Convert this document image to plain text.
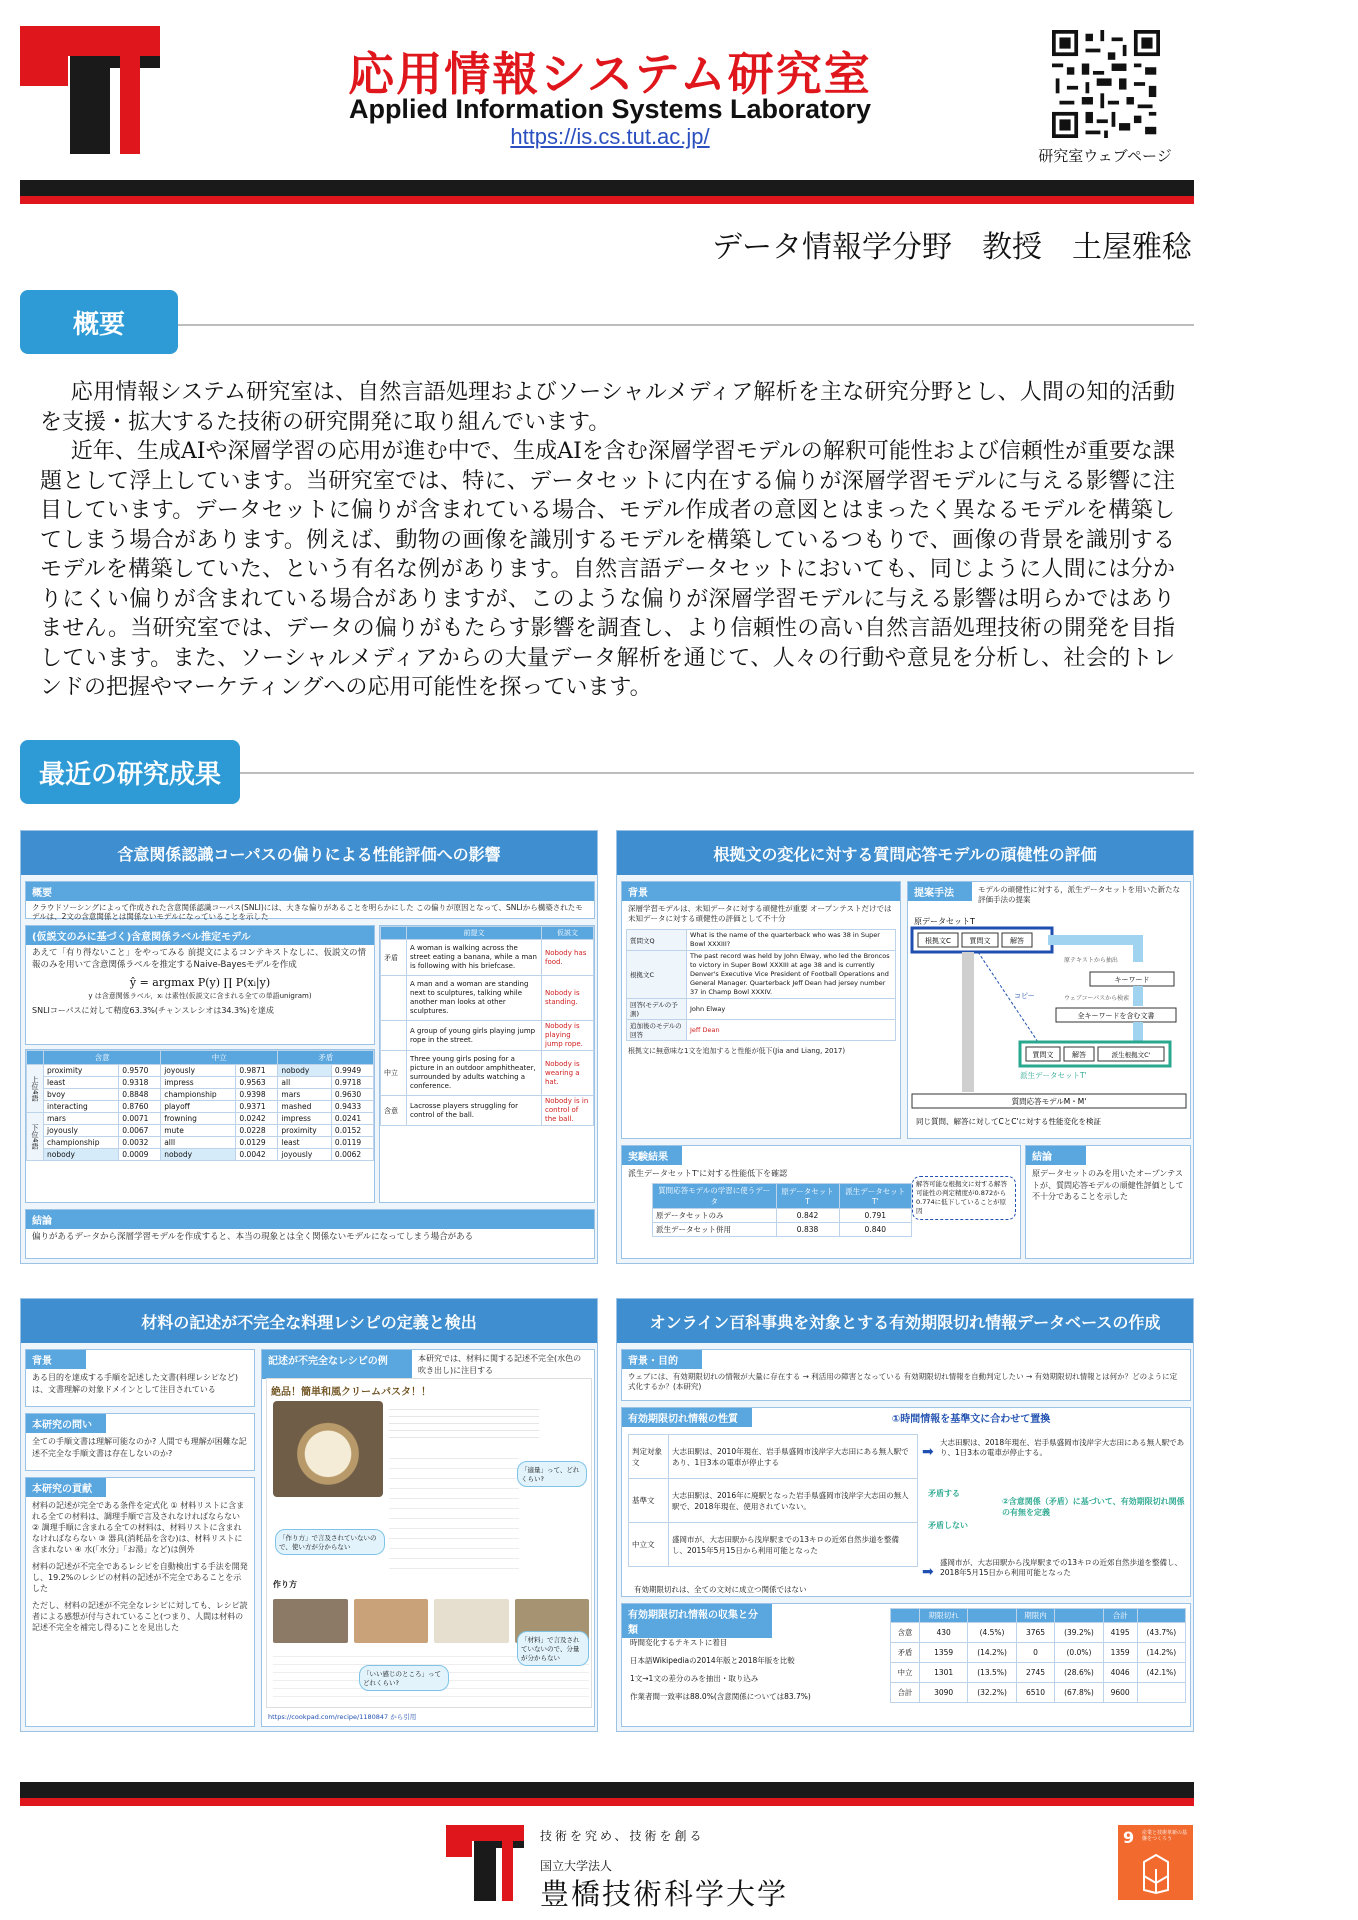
応用情報システム研究室
Applied Information Systems Laboratory
https://is.cs.tut.ac.jp/
研究室ウェブページ
データ情報学分野　教授　土屋雅稔
概要

応用情報システム研究室は、自然言語処理およびソーシャルメディア解析を主な研究分野とし、人間の知的活動を支援・拡大するた技術の研究開発に取り組んでいます。

近年、生成AIや深層学習の応用が進む中で、生成AIを含む深層学習モデルの解釈可能性および信頼性が重要な課題として浮上しています。当研究室では、特に、データセットに内在する偏りが深層学習モデルに与える影響に注目しています。データセットに偏りが含まれている場合、モデル作成者の意図とはまったく異なるモデルを構築してしまう場合があります。例えば、動物の画像を識別するモデルを構築しているつもりで、画像の背景を識別するモデルを構築していた、という有名な例があります。自然言語データセットにおいても、同じように人間には分かりにくい偏りが含まれている場合がありますが、このような偏りが深層学習モデルに与える影響は明らかではありません。当研究室では、データの偏りがもたらす影響を調査し、より信頼性の高い自然言語処理技術の開発を目指しています。また、ソーシャルメディアからの大量データ解析を通じて、人々の行動や意見を分析し、社会的トレンドの把握やマーケティングへの応用可能性を探っています。

最近の研究成果
含意関係認識コーパスの偏りによる性能評価への影響
概要
クラウドソーシングによって作成された含意関係認識コーパス(SNLI)には、大きな偏りがあることを明らかにした この偏りが原因となって、SNLIから構築されたモデルは、2文の含意関係とは関係ないモデルになっていることを示した
(仮説文のみに基づく)含意関係ラベル推定モデル
あえて「有り得ないこと」をやってみる 前提文によるコンテキストなしに、仮説文の情報のみを用いて含意関係ラベルを推定するNaive-Bayesモデルを作成
ŷ = argmax P(y) ∏ P(xᵢ|y)
y は含意関係ラベル，xᵢ は素性(仮説文に含まれる全ての単語unigram)
SNLIコーパスに対して精度63.3%(チャンスレシオは34.3%)を達成
	含意		中立		矛盾	
上位4語	proximity	0.9570	joyously	0.9871	nobody	0.9949
	least	0.9318	impress	0.9563	all	0.9718
	bvoy	0.8848	championship	0.9398	mars	0.9630
	interacting	0.8760	playoff	0.9371	mashed	0.9433
下位4語	mars	0.0071	frowning	0.0242	impress	0.0241
	joyously	0.0067	mute	0.0228	proximity	0.0152
	championship	0.0032	alll	0.0129	least	0.0119
	nobody	0.0009	nobody	0.0042	joyously	0.0062
	前提文	仮説文
矛盾	A woman is walking across the street eating a banana, while a man is following with his briefcase.	Nobody has food.
	A man and a woman are standing next to sculptures, talking while another man looks at other sculptures.	Nobody is standing.
	A group of young girls playing jump rope in the street.	Nobody is playing jump rope.
中立	Three young girls posing for a picture in an outdoor amphitheater, surrounded by adults watching a conference.	Nobody is wearing a hat.
含意	Lacrosse players struggling for control of the ball.	Nobody is in control of the ball.
結論
偏りがあるデータから深層学習モデルを作成すると、本当の現象とは全く関係ないモデルになってしまう場合がある
根拠文の変化に対する質問応答モデルの頑健性の評価
背景
深層学習モデルは、未知データに対する頑健性が重要 オープンテストだけでは未知データに対する頑健性の評価として不十分
質問文Q	What is the name of the quarterback who was 38 in Super Bowl XXXIII?
根拠文C	The past record was held by John Elway, who led the Broncos to victory in Super Bowl XXXIII at age 38 and is currently Denver's Executive Vice President of Football Operations and General Manager. Quarterback Jeff Dean had jersey number 37 in Champ Bowl XXXIV.
回答(モデルの予測)	John Elway
追加後のモデルの回答	Jeff Dean
根拠文に無意味な1文を追加すると性能が低下(Jia and Liang, 2017)
提案手法	モデルの頑健性に対する，派生データセットを用いた新たな評価手法の提案
原データセットT
根拠文C	質問文	解答
原テキストから抽出
キーワード
ウェブコーパスから検索
全キーワードを含む文書
コピー
質問文	解答	派生根拠文C'
派生データセットT'
質問応答モデルM・M'
同じ質問、解答に対してCとC'に対する性能変化を検証
実験結果
派生データセットT'に対する性能低下を確認
質問応答モデルの学習に使うデータ	原データセットT	派生データセットT'
原データセットのみ	0.842	0.791
派生データセット併用	0.838	0.840
解答可能な根拠文に対する解答可能性の判定精度が0.872から0.774に低下していることが原因
結論
原データセットのみを用いたオープンテストが、質問応答モデルの頑健性評価として不十分であることを示した
材料の記述が不完全な料理レシピの定義と検出
背景
ある目的を達成する手順を記述した文書(料理レシピなど)は、文書理解の対象ドメインとして注目されている
本研究の問い
全ての手順文書は理解可能なのか? 人間でも理解が困難な記述不完全な手順文書は存在しないのか?
本研究の貢献
材料の記述が完全である条件を定式化 ① 材料リストに含まれる全ての材料は、調理手順で言及されなければならない ② 調理手順に含まれる全ての材料は、材料リストに含まれなければならない ③ 器具(消耗品を含む)は、材料リストに含まれない ④ 水(「水分」「お湯」など)は例外
材料の記述が不完全であるレシピを自動検出する手法を開発し、19.2%のレシピの材料の記述が不完全であることを示した
ただし、材料の記述が不完全なレシピに対しても、レシピ読者による感想が付与されていること(つまり、人間は材料の記述不完全を補完し得る)ことを見出した
記述が不完全なレシピの例	本研究では、材料に関する記述不完全(水色の吹き出し)に注目する
絶品！簡単和風クリームパスタ！！
「適量」って、どれくらい?
「作り方」で言及されていないので、使い方が分からない
作り方
「いい感じのところ」ってどれくらい?
「材料」で言及されていないので、分量が分からない
https://cookpad.com/recipe/1180847 から引用
オンライン百科事典を対象とする有効期限切れ情報データベースの作成
背景・目的
ウェブには、有効期限切れの情報が大量に存在する → 利活用の障害となっている 有効期限切れ情報を自動判定したい → 有効期限切れ情報とは何か？どのように定式化するか？(本研究)
有効期限切れ情報の性質	①時間情報を基準文に合わせて置換
判定対象文	大志田駅は、2010年現在、岩手県盛岡市浅岸字大志田にある無人駅であり、1日3本の電車が停止する
基準文	大志田駅は、2016年に廃駅となった岩手県盛岡市浅岸字大志田の無人駅で、2018年現在、使用されていない。
中立文	盛岡市が、大志田駅から浅岸駅までの13キロの近郊自然歩道を整備し、2015年5月15日から利用可能となった
➡
➡
大志田駅は、2018年現在、岩手県盛岡市浅岸字大志田にある無人駅であり、1日3本の電車が停止する。
矛盾する
矛盾しない
②含意関係（矛盾）に基づいて、有効期限切れ関係の有無を定義
盛岡市が、大志田駅から浅岸駅までの13キロの近郊自然歩道を整備し、2018年5月15日から利用可能となった
有効期限切れは、全ての文対に成立つ関係ではない
有効期限切れ情報の収集と分類
時間変化するテキストに着目
日本語Wikipediaの2014年版と2018年版を比較
1文→1文の差分のみを抽出・取り込み
作業者間一致率は88.0%(含意関係については83.7%)
	期限切れ		期限内		合計	
含意	430	(4.5%)	3765	(39.2%)	4195	(43.7%)
矛盾	1359	(14.2%)	0	(0.0%)	1359	(14.2%)
中立	1301	(13.5%)	2745	(28.6%)	4046	(42.1%)
合計	3090	(32.2%)	6510	(67.8%)	9600	
技術を究め、技術を創る
国立大学法人
豊橋技術科学大学
9 産業と技術革新の基盤をつくろう
